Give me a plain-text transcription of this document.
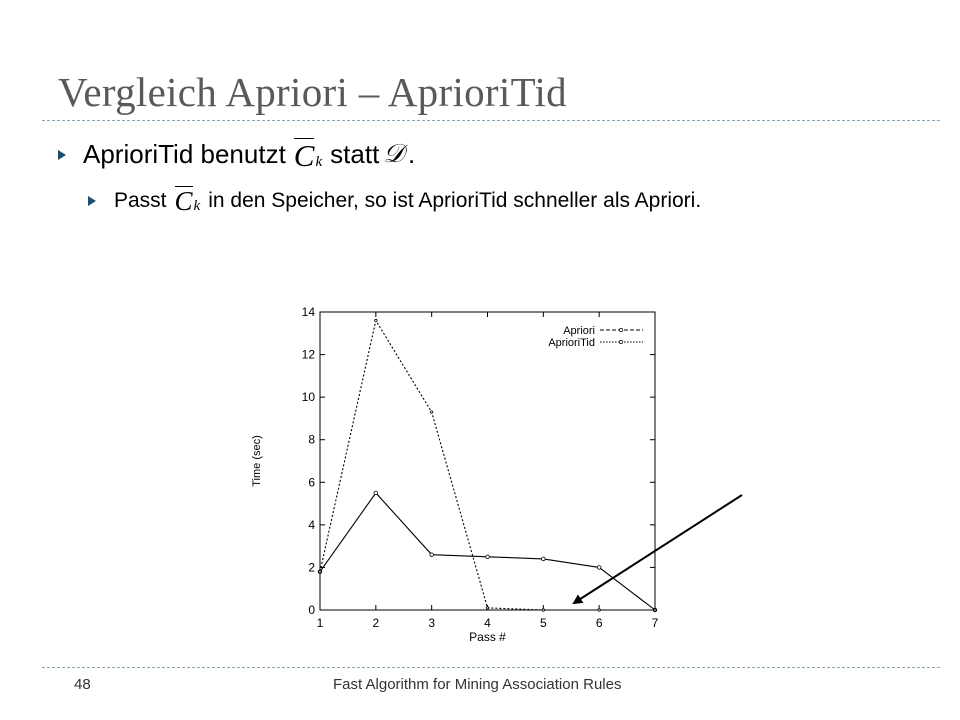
Vergleich Apriori – AprioriTid
AprioriTid benutzt C k statt 𝒟 .
Passt C k in den Speicher, so ist AprioriTid schneller als Apriori.
0
2
4
6
8
10
12
14
1	2	3	4	5	6	7
Pass #
Time (sec)
Apriori
AprioriTid
48	Fast Algorithm for Mining Association Rules
